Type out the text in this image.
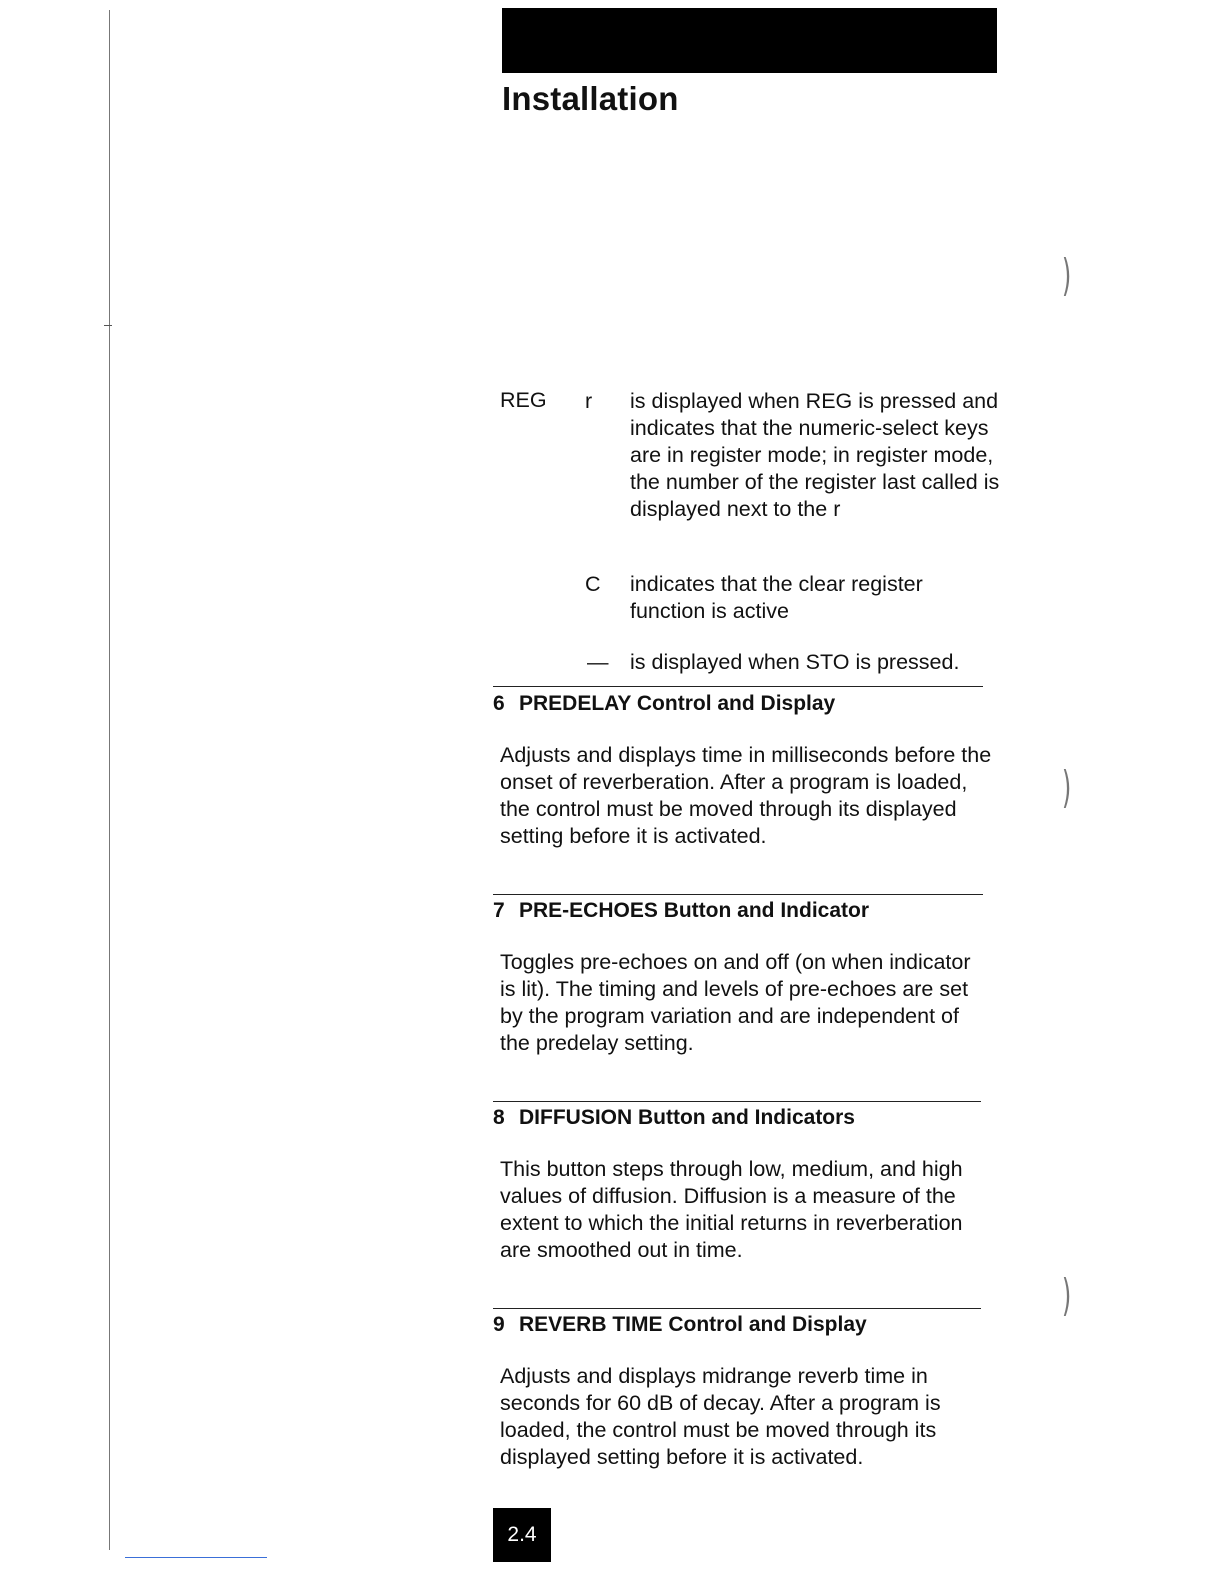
Installation
REG r is displayed when REG is pressed and indicates that the numeric-select keys are in register mode; in register mode, the number of the register last called is displayed next to the r
C indicates that the clear register function is active
— is displayed when STO is pressed.
6 PREDELAY Control and Display

Adjusts and displays time in milliseconds before the onset of reverberation. After a program is loaded, the control must be moved through its displayed setting before it is activated.

7 PRE-ECHOES Button and Indicator

Toggles pre-echoes on and off (on when indicator is lit). The timing and levels of pre-echoes are set by the program variation and are independent of the predelay setting.

8 DIFFUSION Button and Indicators

This button steps through low, medium, and high values of diffusion. Diffusion is a measure of the extent to which the initial returns in reverberation are smoothed out in time.

9 REVERB TIME Control and Display

Adjusts and displays midrange reverb time in seconds for 60 dB of decay. After a program is loaded, the control must be moved through its displayed setting before it is activated.

2.4
)
)
)
